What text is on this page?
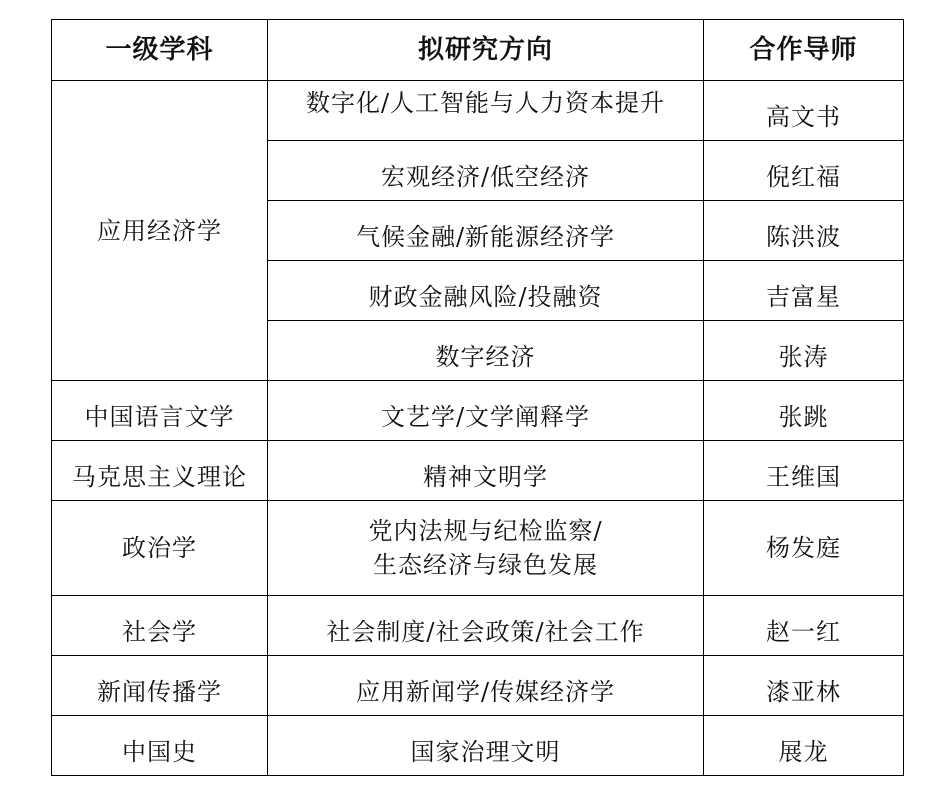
一级学科	拟研究方向	合作导师
应用经济学	数字化/人工智能与人力资本提升	高文书
	宏观经济/低空经济	倪红福
	气候金融/新能源经济学	陈洪波
	财政金融风险/投融资	吉富星
	数字经济	张涛
中国语言文学	文艺学/文学阐释学	张跳
马克思主义理论	精神文明学	王维国
政治学	党内法规与纪检监察/
生态经济与绿色发展	杨发庭
社会学	社会制度/社会政策/社会工作	赵一红
新闻传播学	应用新闻学/传媒经济学	漆亚林
中国史	国家治理文明	展龙
